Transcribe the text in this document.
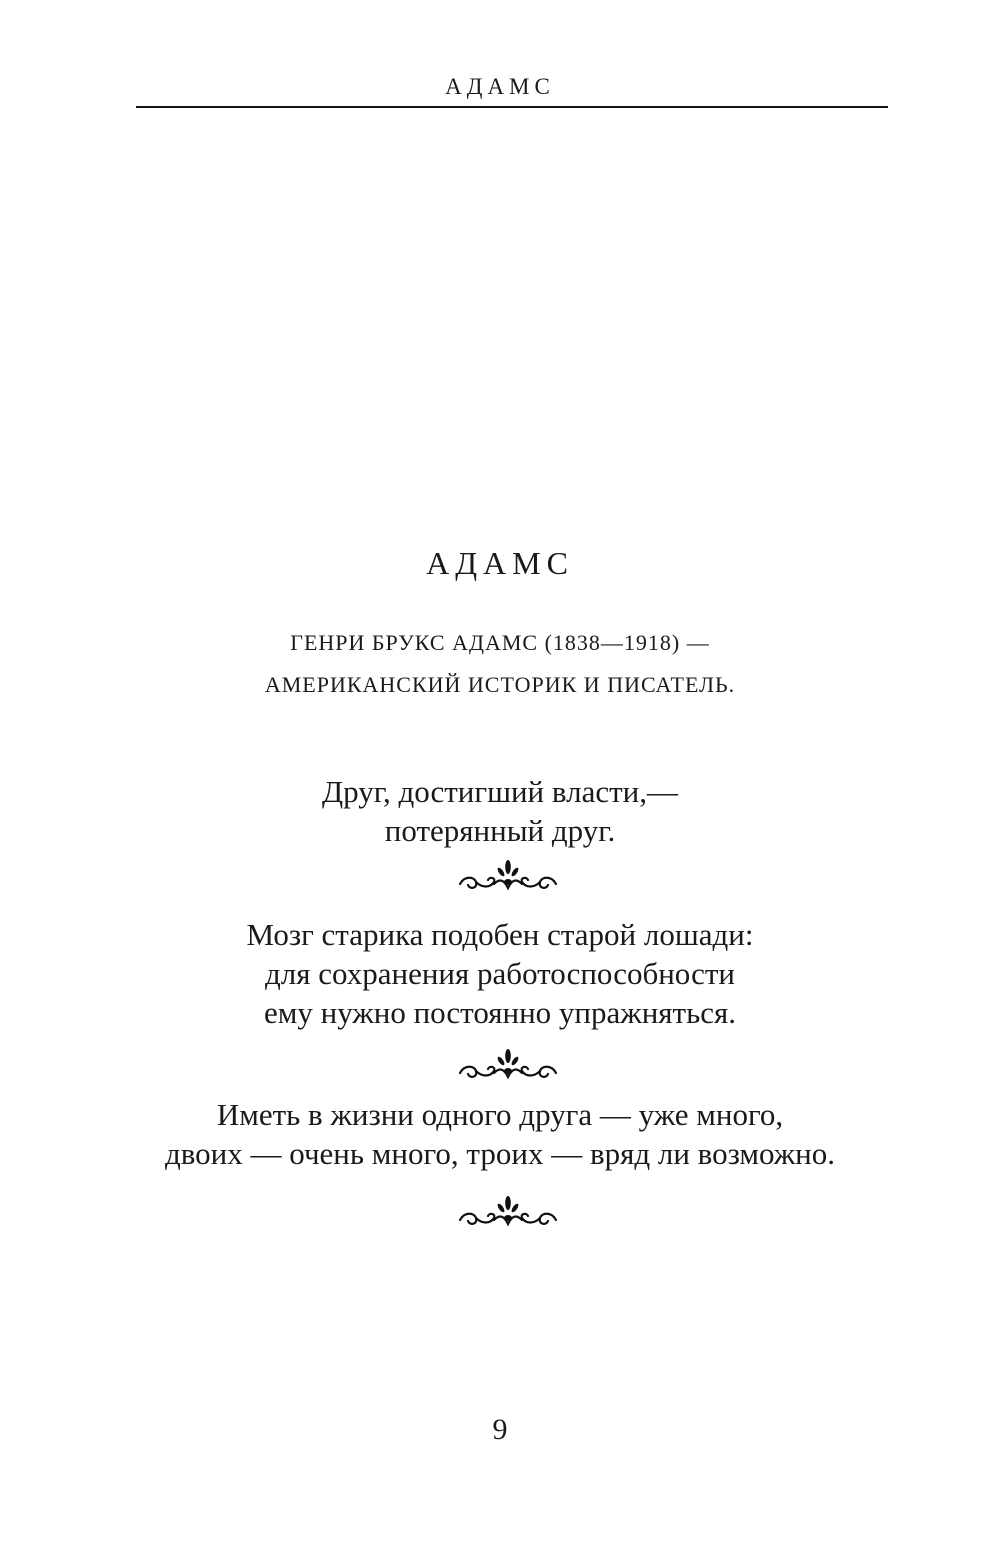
АДАМС
АДАМС
ГЕНРИ БРУКС АДАМС (1838—1918) —
АМЕРИКАНСКИЙ ИСТОРИК И ПИСАТЕЛЬ.
Друг, достигший власти,—
потерянный друг.
Мозг старика подобен старой лошади:
для сохранения работоспособности
ему нужно постоянно упражняться.
Иметь в жизни одного друга — уже много,
двоих — очень много, троих — вряд ли возможно.
9
